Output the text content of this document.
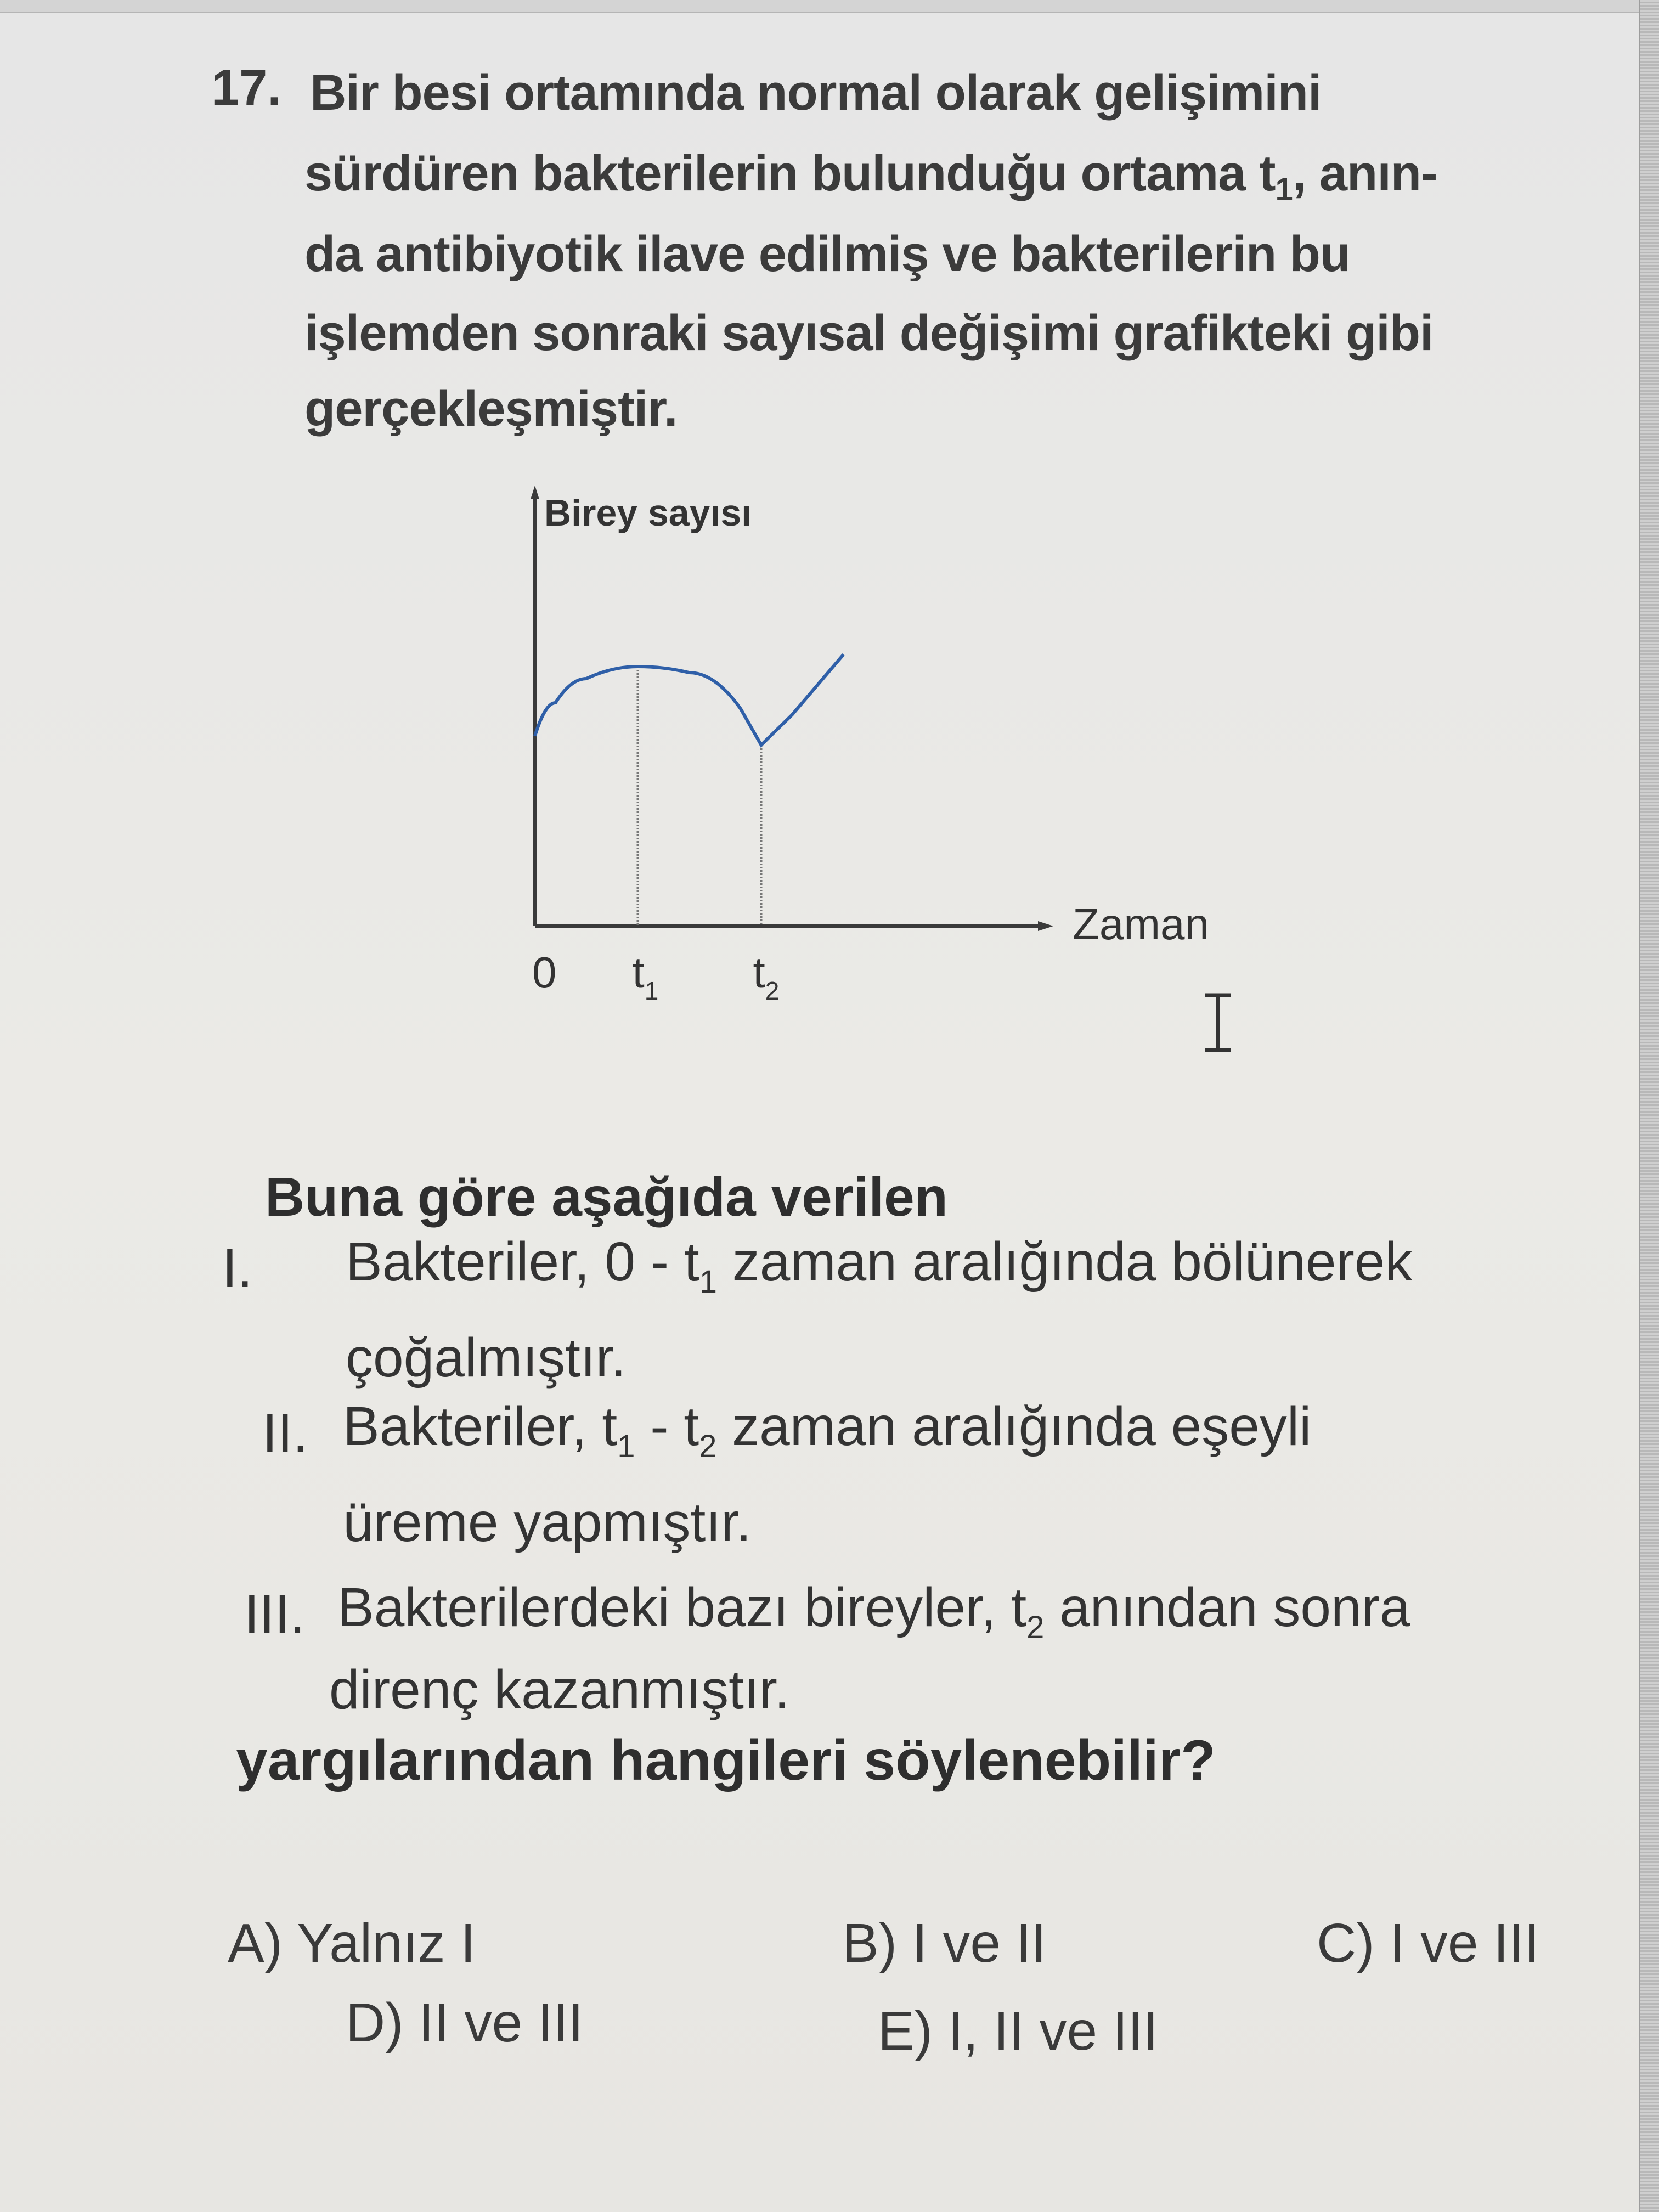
17. Bir besi ortamında normal olarak gelişimini
sürdüren bakterilerin bulunduğu ortama $t_1$, anın-
da antibiyotik ilave edilmiş ve bakterilerin bu
işlemden sonraki sayısal değişimi grafikteki gibi
gerçekleşmiştir.
Birey sayısı
Zaman
0 $t_1$ $t_2$
Buna göre aşağıda verilen
I. Bakteriler, $0 - t_1$ zaman aralığında bölünerek
çoğalmıştır.
II. Bakteriler, $t_1 - t_2$ zaman aralığında eşeyli
üreme yapmıştır.
III. Bakterilerdeki bazı bireyler, $t_2$ anından sonra
direnç kazanmıştır.
yargılarından hangileri söylenebilir?
A) Yalnız I	B) I ve II	C) I ve III
D) II ve III	E) I, II ve III
